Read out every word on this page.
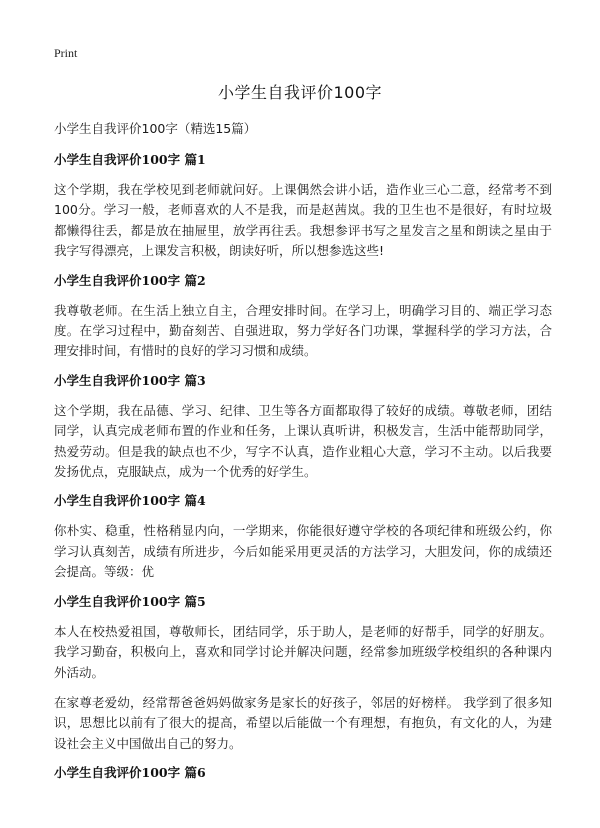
Print
小学生自我评价100字

小学生自我评价100字（精选15篇）

小学生自我评价100字 篇1

这个学期，我在学校见到老师就问好。上课偶然会讲小话，造作业三心二意，经常考不到100分。学习一般，老师喜欢的人不是我，而是赵茜岚。我的卫生也不是很好，有时垃圾都懒得往丢，都是放在抽屉里，放学再往丢。我想参评书写之星发言之星和朗读之星由于我字写得漂亮，上课发言积极，朗读好听，所以想参选这些!

小学生自我评价100字 篇2

我尊敬老师。在生活上独立自主，合理安排时间。在学习上，明确学习目的、端正学习态度。在学习过程中，勤奋刻苦、自强进取，努力学好各门功课，掌握科学的学习方法，合理安排时间，有惜时的良好的学习习惯和成绩。

小学生自我评价100字 篇3

这个学期，我在品德、学习、纪律、卫生等各方面都取得了较好的成绩。尊敬老师，团结同学，认真完成老师布置的作业和任务，上课认真听讲，积极发言，生活中能帮助同学，热爱劳动。但是我的缺点也不少，写字不认真，造作业粗心大意，学习不主动。以后我要发扬优点，克服缺点，成为一个优秀的好学生。

小学生自我评价100字 篇4

你朴实、稳重，性格稍显内向，一学期来，你能很好遵守学校的各项纪律和班级公约，你学习认真刻苦，成绩有所进步，今后如能采用更灵活的方法学习，大胆发问，你的成绩还会提高。等级：优

小学生自我评价100字 篇5

本人在校热爱祖国，尊敬师长，团结同学，乐于助人，是老师的好帮手，同学的好朋友。我学习勤奋，积极向上，喜欢和同学讨论并解决问题，经常参加班级学校组织的各种课内外活动。

在家尊老爱幼，经常帮爸爸妈妈做家务是家长的好孩子，邻居的好榜样。 我学到了很多知识，思想比以前有了很大的提高，希望以后能做一个有理想，有抱负，有文化的人，为建设社会主义中国做出自己的努力。

小学生自我评价100字 篇6
